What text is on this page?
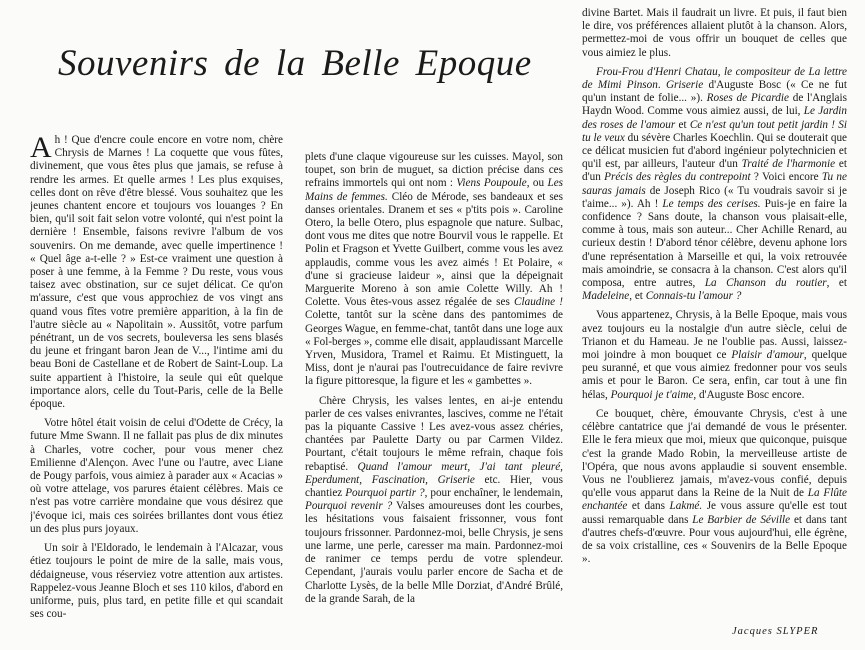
Souvenirs de la Belle Epoque

Ah ! Que d'encre coule encore en votre nom, chère Chrysis de Marnes ! La coquette que vous fûtes, divinement, que vous êtes plus que jamais, se refuse à rendre les armes. Et quelle armes ! Les plus exquises, celles dont on rêve d'être blessé. Vous souhaitez que les jeunes chantent encore et toujours vos louanges ? En bien, qu'il soit fait selon votre volonté, qui n'est point la dernière ! Ensemble, faisons revivre l'album de vos souvenirs. On me demande, avec quelle impertinence ! « Quel âge a-t-elle ? » Est-ce vraiment une question à poser à une femme, à la Femme ? Du reste, vous vous taisez avec obstination, sur ce sujet délicat. Ce qu'on m'assure, c'est que vous approchiez de vos vingt ans quand vous fîtes votre première apparition, à la fin de l'autre siècle au « Napolitain ». Aussitôt, votre parfum pénétrant, un de vos secrets, bouleversa les sens blasés du jeune et fringant baron Jean de V..., l'intime ami du beau Boni de Castellane et de Robert de Saint-Loup. La suite appartient à l'histoire, la seule qui eût quelque importance alors, celle du Tout-Paris, celle de la Belle époque.

Votre hôtel était voisin de celui d'Odette de Crécy, la future Mme Swann. Il ne fallait pas plus de dix minutes à Charles, votre cocher, pour vous mener chez Emilienne d'Alençon. Avec l'une ou l'autre, avec Liane de Pougy parfois, vous aimiez à parader aux « Acacias » où votre attelage, vos parures étaient célèbres. Mais ce n'est pas votre carrière mondaine que vous désirez que j'évoque ici, mais ces soirées brillantes dont vous étiez un des plus purs joyaux.

Un soir à l'Eldorado, le lendemain à l'Alcazar, vous étiez toujours le point de mire de la salle, mais vous, dédaigneuse, vous réserviez votre attention aux artistes. Rappelez-vous Jeanne Bloch et ses 110 kilos, d'abord en uniforme, puis, plus tard, en petite fille et qui scandait ses cou-

plets d'une claque vigoureuse sur les cuisses. Mayol, son toupet, son brin de muguet, sa diction précise dans ces refrains immortels qui ont nom : Viens Poupoule, ou Les Mains de femmes. Cléo de Mérode, ses bandeaux et ses danses orientales. Dranem et ses « p'tits pois ». Caroline Otero, la belle Otero, plus espagnole que nature. Sulbac, dont vous me dites que notre Bourvil vous le rappelle. Et Polin et Fragson et Yvette Guilbert, comme vous les avez applaudis, comme vous les avez aimés ! Et Polaire, « d'une si gracieuse laideur », ainsi que la dépeignait Marguerite Moreno à son amie Colette Willy. Ah ! Colette. Vous êtes-vous assez régalée de ses Claudine ! Colette, tantôt sur la scène dans des pantomimes de Georges Wague, en femme-chat, tantôt dans une loge aux « Fol-berges », comme elle disait, applaudissant Marcelle Yrven, Musidora, Tramel et Raimu. Et Mistinguett, la Miss, dont je n'aurai pas l'outrecuidance de faire revivre la figure pittoresque, la figure et les « gambettes ».

Chère Chrysis, les valses lentes, en ai-je entendu parler de ces valses enivrantes, lascives, comme ne l'était pas la piquante Cassive ! Les avez-vous assez chéries, chantées par Paulette Darty ou par Carmen Vildez. Pourtant, c'était toujours le même refrain, chaque fois rebaptisé. Quand l'amour meurt, J'ai tant pleuré, Eperdument, Fascination, Griserie etc. Hier, vous chantiez Pourquoi partir ?, pour enchaîner, le lendemain, Pourquoi revenir ? Valses amoureuses dont les courbes, les hésitations vous faisaient frissonner, vous font toujours frissonner. Pardonnez-moi, belle Chrysis, je sens une larme, une perle, caresser ma main. Pardonnez-moi de ranimer ce temps perdu de votre splendeur. Cependant, j'aurais voulu parler encore de Sacha et de Charlotte Lysès, de la belle Mlle Dorziat, d'André Brûlé, de la grande Sarah, de la

divine Bartet. Mais il faudrait un livre. Et puis, il faut bien le dire, vos préférences allaient plutôt à la chanson. Alors, permettez-moi de vous offrir un bouquet de celles que vous aimiez le plus.

Frou-Frou d'Henri Chatau, le compositeur de La lettre de Mimi Pinson. Griserie d'Auguste Bosc (« Ce ne fut qu'un instant de folie... »). Roses de Picardie de l'Anglais Haydn Wood. Comme vous aimiez aussi, de lui, Le Jardin des roses de l'amour et Ce n'est qu'un tout petit jardin ! Si tu le veux du sévère Charles Koechlin. Qui se douterait que ce délicat musicien fut d'abord ingénieur polytechnicien et qu'il est, par ailleurs, l'auteur d'un Traité de l'harmonie et d'un Précis des règles du contrepoint ? Voici encore Tu ne sauras jamais de Joseph Rico (« Tu voudrais savoir si je t'aime... »). Ah ! Le temps des cerises. Puis-je en faire la confidence ? Sans doute, la chanson vous plaisait-elle, comme à tous, mais son auteur... Cher Achille Renard, au curieux destin ! D'abord ténor célèbre, devenu aphone lors d'une représentation à Marseille et qui, la voix retrouvée mais amoindrie, se consacra à la chanson. C'est alors qu'il composa, entre autres, La Chanson du routier, et Madeleine, et Connais-tu l'amour ?

Vous appartenez, Chrysis, à la Belle Epoque, mais vous avez toujours eu la nostalgie d'un autre siècle, celui de Trianon et du Hameau. Je ne l'oublie pas. Aussi, laissez-moi joindre à mon bouquet ce Plaisir d'amour, quelque peu suranné, et que vous aimiez fredonner pour vos seuls amis et pour le Baron. Ce sera, enfin, car tout à une fin hélas, Pourquoi je t'aime, d'Auguste Bosc encore.

Ce bouquet, chère, émouvante Chrysis, c'est à une célèbre cantatrice que j'ai demandé de vous le présenter. Elle le fera mieux que moi, mieux que quiconque, puisque c'est la grande Mado Robin, la merveilleuse artiste de l'Opéra, que nous avons applaudie si souvent ensemble. Vous ne l'oublierez jamais, m'avez-vous confié, depuis qu'elle vous apparut dans la Reine de la Nuit de La Flûte enchantée et dans Lakmé. Je vous assure qu'elle est tout aussi remarquable dans Le Barbier de Séville et dans tant d'autres chefs-d'œuvre. Pour vous aujourd'hui, elle égrène, de sa voix cristalline, ces « Souvenirs de la Belle Epoque ».

Jacques SLYPER
